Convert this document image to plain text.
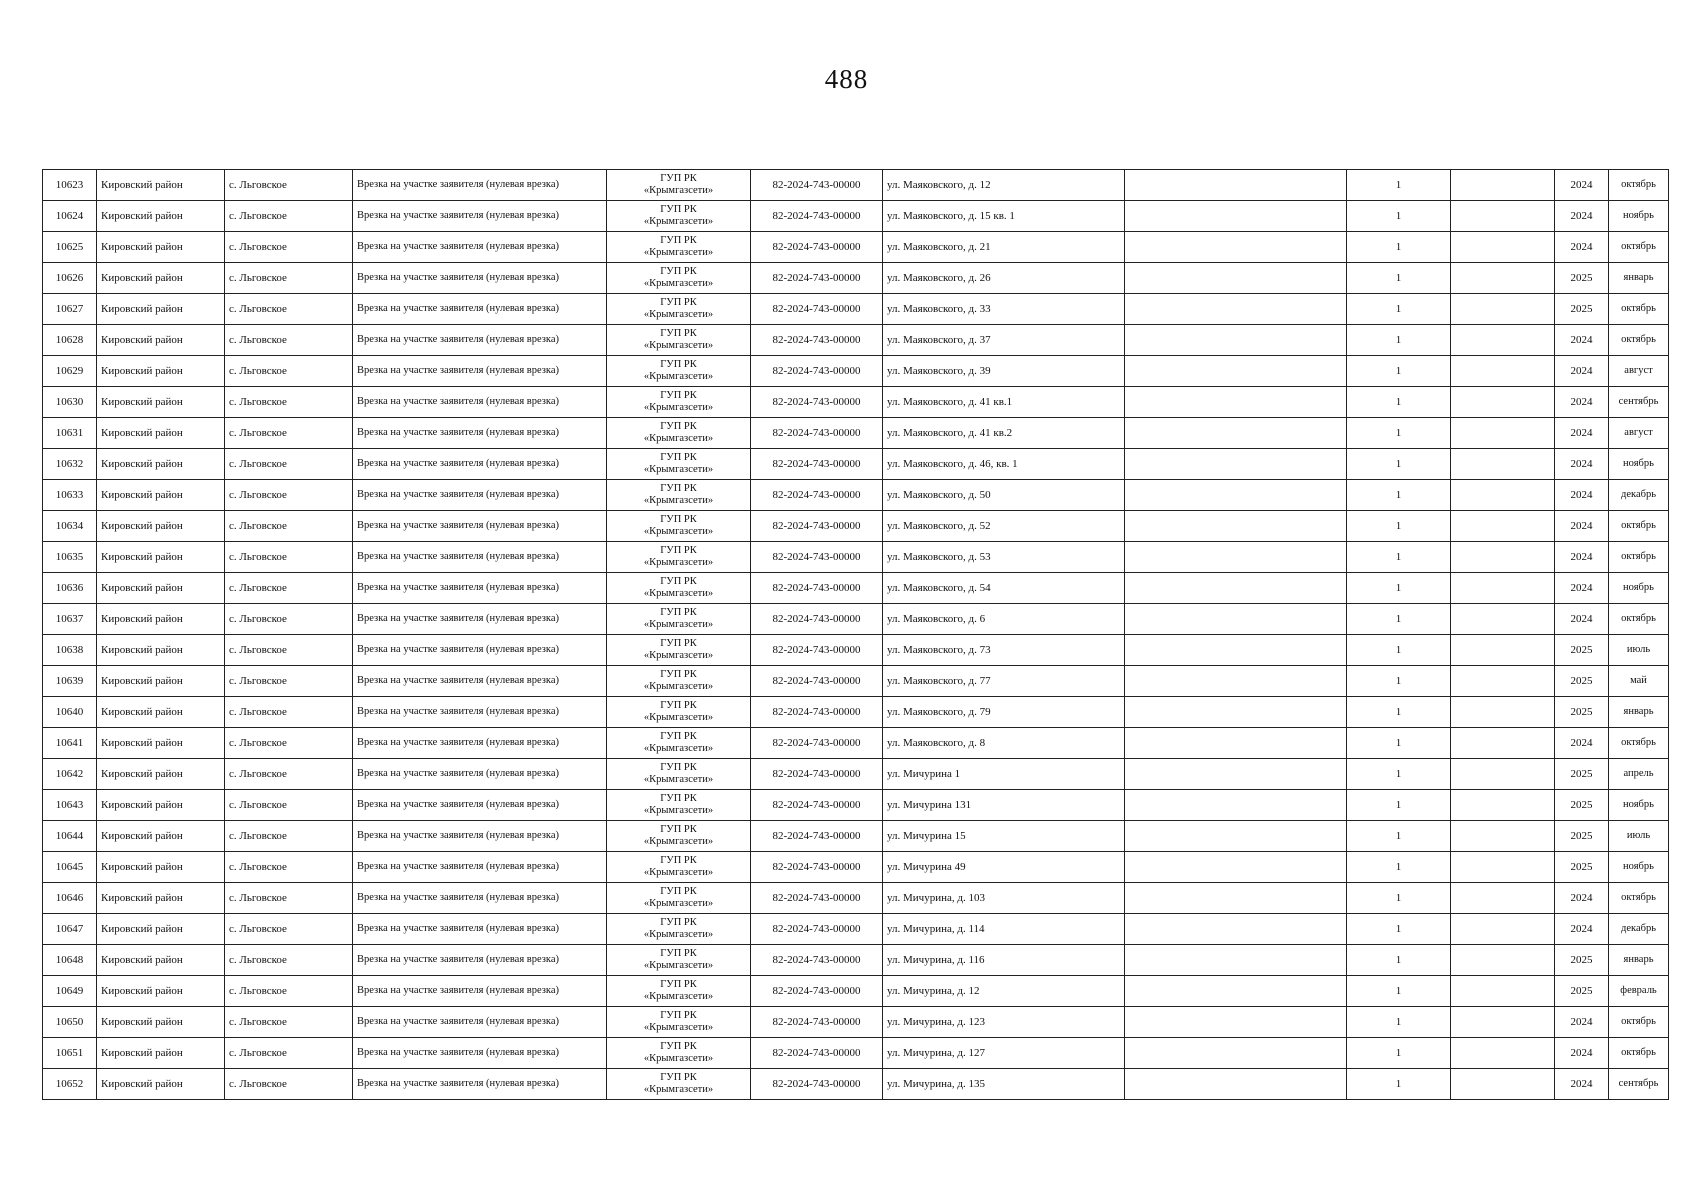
488
10623	Кировский район	с. Льговское	Врезка на участке заявителя (нулевая врезка)	ГУП РК
«Крымгазсети»	82-2024-743-00000	ул. Маяковского, д. 12		1		2024	октябрь
10624	Кировский район	с. Льговское	Врезка на участке заявителя (нулевая врезка)	ГУП РК
«Крымгазсети»	82-2024-743-00000	ул. Маяковского, д. 15 кв. 1		1		2024	ноябрь
10625	Кировский район	с. Льговское	Врезка на участке заявителя (нулевая врезка)	ГУП РК
«Крымгазсети»	82-2024-743-00000	ул. Маяковского, д. 21		1		2024	октябрь
10626	Кировский район	с. Льговское	Врезка на участке заявителя (нулевая врезка)	ГУП РК
«Крымгазсети»	82-2024-743-00000	ул. Маяковского, д. 26		1		2025	январь
10627	Кировский район	с. Льговское	Врезка на участке заявителя (нулевая врезка)	ГУП РК
«Крымгазсети»	82-2024-743-00000	ул. Маяковского, д. 33		1		2025	октябрь
10628	Кировский район	с. Льговское	Врезка на участке заявителя (нулевая врезка)	ГУП РК
«Крымгазсети»	82-2024-743-00000	ул. Маяковского, д. 37		1		2024	октябрь
10629	Кировский район	с. Льговское	Врезка на участке заявителя (нулевая врезка)	ГУП РК
«Крымгазсети»	82-2024-743-00000	ул. Маяковского, д. 39		1		2024	август
10630	Кировский район	с. Льговское	Врезка на участке заявителя (нулевая врезка)	ГУП РК
«Крымгазсети»	82-2024-743-00000	ул. Маяковского, д. 41 кв.1		1		2024	сентябрь
10631	Кировский район	с. Льговское	Врезка на участке заявителя (нулевая врезка)	ГУП РК
«Крымгазсети»	82-2024-743-00000	ул. Маяковского, д. 41 кв.2		1		2024	август
10632	Кировский район	с. Льговское	Врезка на участке заявителя (нулевая врезка)	ГУП РК
«Крымгазсети»	82-2024-743-00000	ул. Маяковского, д. 46, кв. 1		1		2024	ноябрь
10633	Кировский район	с. Льговское	Врезка на участке заявителя (нулевая врезка)	ГУП РК
«Крымгазсети»	82-2024-743-00000	ул. Маяковского, д. 50		1		2024	декабрь
10634	Кировский район	с. Льговское	Врезка на участке заявителя (нулевая врезка)	ГУП РК
«Крымгазсети»	82-2024-743-00000	ул. Маяковского, д. 52		1		2024	октябрь
10635	Кировский район	с. Льговское	Врезка на участке заявителя (нулевая врезка)	ГУП РК
«Крымгазсети»	82-2024-743-00000	ул. Маяковского, д. 53		1		2024	октябрь
10636	Кировский район	с. Льговское	Врезка на участке заявителя (нулевая врезка)	ГУП РК
«Крымгазсети»	82-2024-743-00000	ул. Маяковского, д. 54		1		2024	ноябрь
10637	Кировский район	с. Льговское	Врезка на участке заявителя (нулевая врезка)	ГУП РК
«Крымгазсети»	82-2024-743-00000	ул. Маяковского, д. 6		1		2024	октябрь
10638	Кировский район	с. Льговское	Врезка на участке заявителя (нулевая врезка)	ГУП РК
«Крымгазсети»	82-2024-743-00000	ул. Маяковского, д. 73		1		2025	июль
10639	Кировский район	с. Льговское	Врезка на участке заявителя (нулевая врезка)	ГУП РК
«Крымгазсети»	82-2024-743-00000	ул. Маяковского, д. 77		1		2025	май
10640	Кировский район	с. Льговское	Врезка на участке заявителя (нулевая врезка)	ГУП РК
«Крымгазсети»	82-2024-743-00000	ул. Маяковского, д. 79		1		2025	январь
10641	Кировский район	с. Льговское	Врезка на участке заявителя (нулевая врезка)	ГУП РК
«Крымгазсети»	82-2024-743-00000	ул. Маяковского, д. 8		1		2024	октябрь
10642	Кировский район	с. Льговское	Врезка на участке заявителя (нулевая врезка)	ГУП РК
«Крымгазсети»	82-2024-743-00000	ул. Мичурина 1		1		2025	апрель
10643	Кировский район	с. Льговское	Врезка на участке заявителя (нулевая врезка)	ГУП РК
«Крымгазсети»	82-2024-743-00000	ул. Мичурина 131		1		2025	ноябрь
10644	Кировский район	с. Льговское	Врезка на участке заявителя (нулевая врезка)	ГУП РК
«Крымгазсети»	82-2024-743-00000	ул. Мичурина 15		1		2025	июль
10645	Кировский район	с. Льговское	Врезка на участке заявителя (нулевая врезка)	ГУП РК
«Крымгазсети»	82-2024-743-00000	ул. Мичурина 49		1		2025	ноябрь
10646	Кировский район	с. Льговское	Врезка на участке заявителя (нулевая врезка)	ГУП РК
«Крымгазсети»	82-2024-743-00000	ул. Мичурина, д. 103		1		2024	октябрь
10647	Кировский район	с. Льговское	Врезка на участке заявителя (нулевая врезка)	ГУП РК
«Крымгазсети»	82-2024-743-00000	ул. Мичурина, д. 114		1		2024	декабрь
10648	Кировский район	с. Льговское	Врезка на участке заявителя (нулевая врезка)	ГУП РК
«Крымгазсети»	82-2024-743-00000	ул. Мичурина, д. 116		1		2025	январь
10649	Кировский район	с. Льговское	Врезка на участке заявителя (нулевая врезка)	ГУП РК
«Крымгазсети»	82-2024-743-00000	ул. Мичурина, д. 12		1		2025	февраль
10650	Кировский район	с. Льговское	Врезка на участке заявителя (нулевая врезка)	ГУП РК
«Крымгазсети»	82-2024-743-00000	ул. Мичурина, д. 123		1		2024	октябрь
10651	Кировский район	с. Льговское	Врезка на участке заявителя (нулевая врезка)	ГУП РК
«Крымгазсети»	82-2024-743-00000	ул. Мичурина, д. 127		1		2024	октябрь
10652	Кировский район	с. Льговское	Врезка на участке заявителя (нулевая врезка)	ГУП РК
«Крымгазсети»	82-2024-743-00000	ул. Мичурина, д. 135		1		2024	сентябрь
